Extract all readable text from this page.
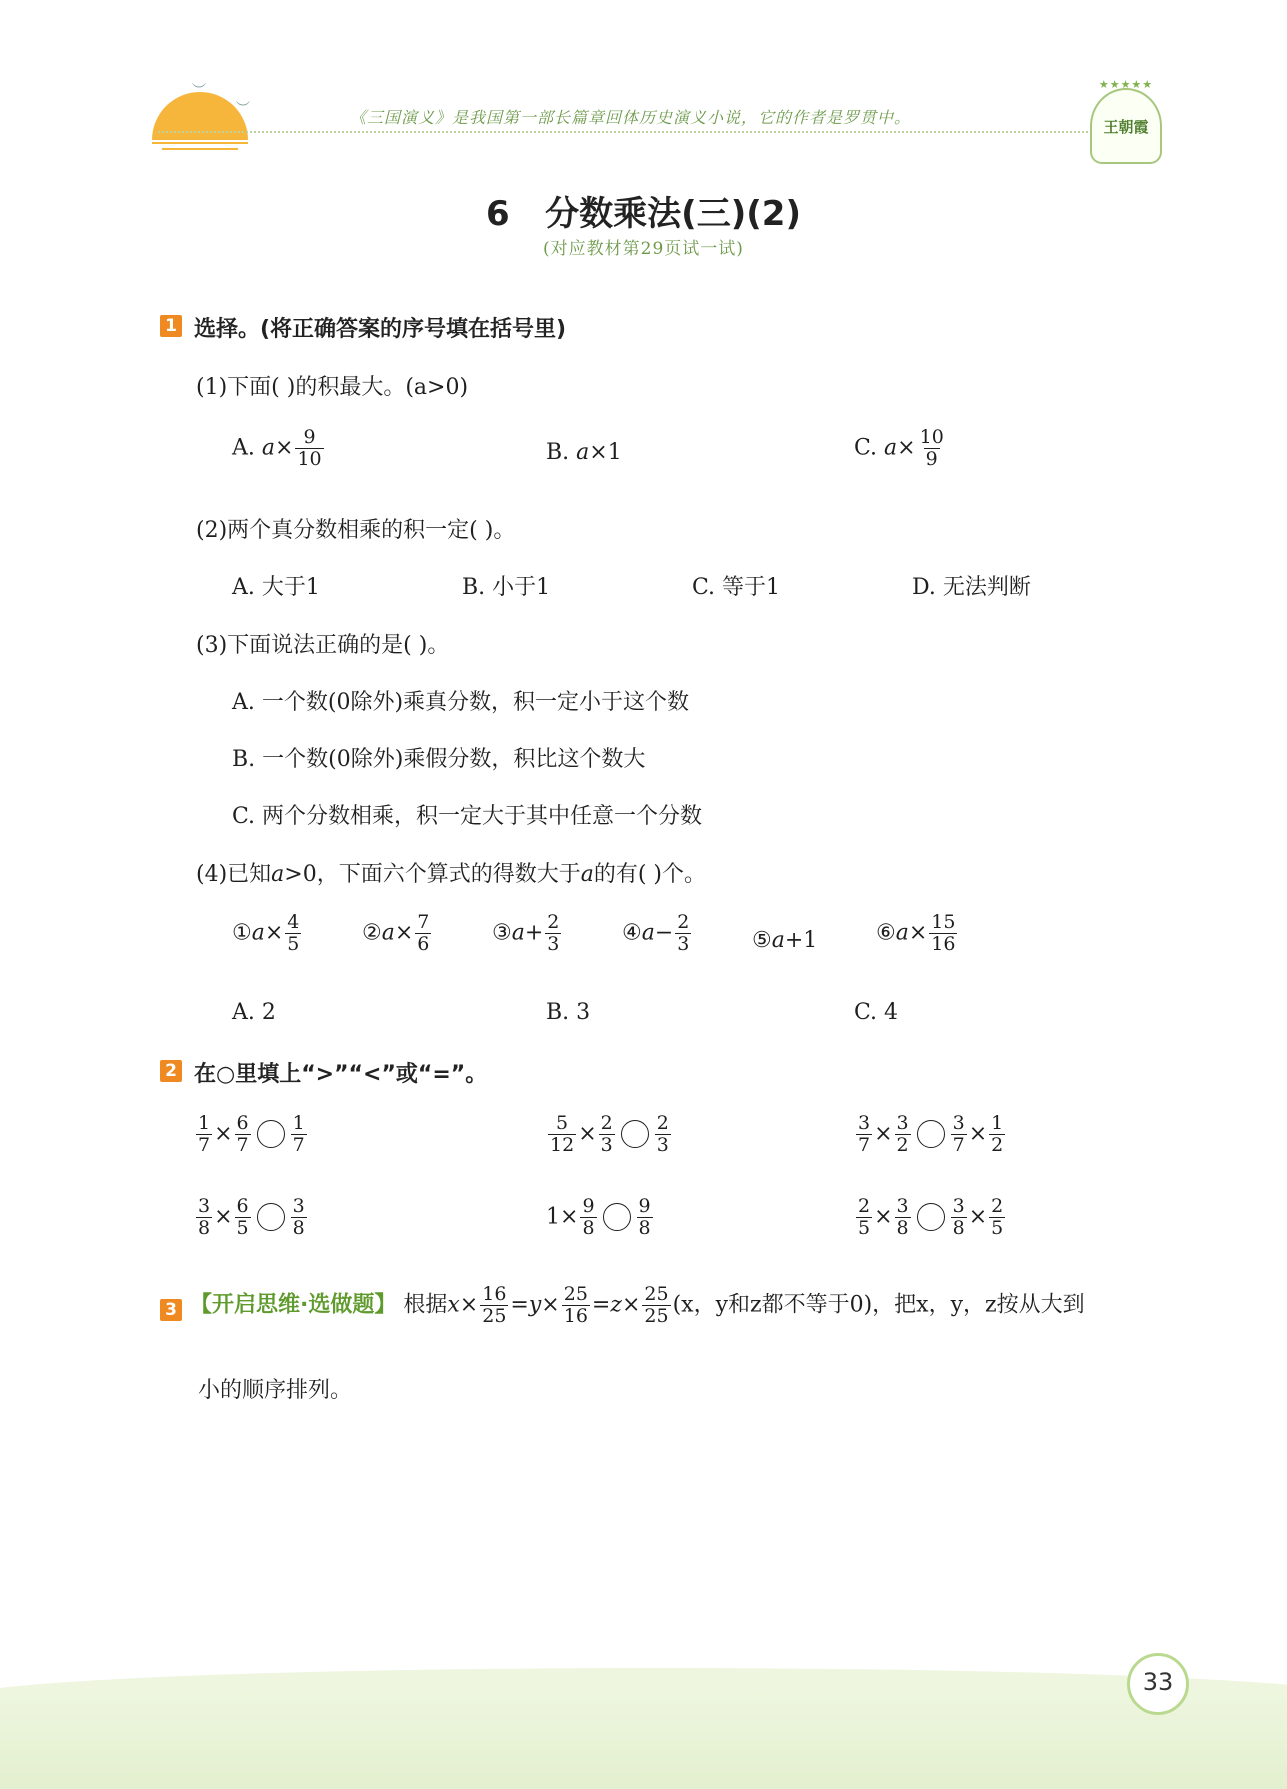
︶
︶	《三国演义》是我国第一部长篇章回体历史演义小说，它的作者是罗贯中。
★★★★★
王朝霞
6   分数乘法(三)(2)
(对应教材第29页试一试)
1 选择。(将正确答案的序号填在括号里)
(1)下面( )的积最大。(a>0)
A. $a\times \frac{9}{10}$	B. a×1	C. $a\times \frac{10}{9}$
(2)两个真分数相乘的积一定( )。
A. 大于1	B. 小于1	C. 等于1	D. 无法判断
(3)下面说法正确的是( )。
A. 一个数(0除外)乘真分数，积一定小于这个数
B. 一个数(0除外)乘假分数，积比这个数大
C. 两个分数相乘，积一定大于其中任意一个分数
(4)已知a>0，下面六个算式的得数大于a的有( )个。
①a× $\frac{4}{5}$	②a× $\frac{7}{6}$	③a+ $\frac{2}{3}$	④a− $\frac{2}{3}$	⑤a+1	⑥a× $\frac{15}{16}$
A. 2	B. 3	C. 4
2 在○里填上“>”“<”或“=”。
$\frac{1}{7} \times \frac{6}{7} \frac{1}{7}$	$\frac{5}{12} \times \frac{2}{3} \frac{2}{3}$	$\frac{3}{7} \times \frac{3}{2} \frac{3}{7} \times \frac{1}{2}$
$\frac{3}{8} \times \frac{6}{5} \frac{3}{8}$	$1\times \frac{9}{8} \frac{9}{8}$	$\frac{2}{5} \times \frac{3}{8} \frac{3}{8} \times \frac{2}{5}$
3 【开启思维·选做题】 根据$x\times \frac{16}{25} =y\times \frac{25}{16} =z\times \frac{25}{25} (x$，y和z都不等于0)，把x，y，z按从大到
小的顺序排列。
33
